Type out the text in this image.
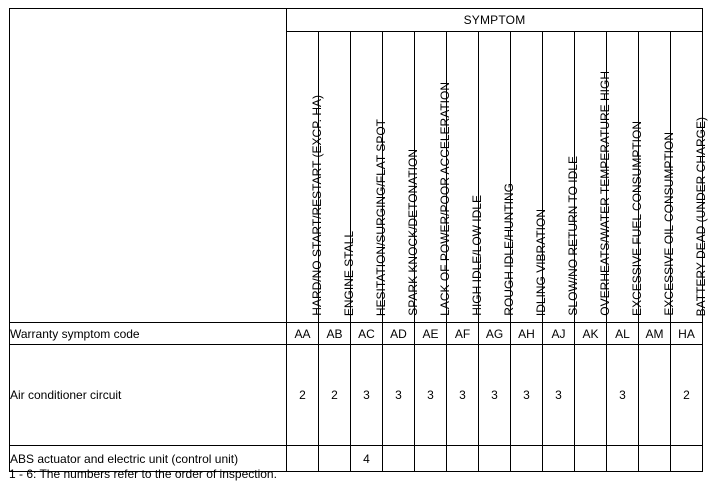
	SYMPTOM												

	HARD/NO START/RESTART (EXCP. HA)	ENGINE STALL	HESITATION/SURGING/FLAT SPOT	SPARK KNOCK/DETONATION	LACK OF POWER/POOR ACCELERATION	HIGH IDLE/LOW IDLE	ROUGH IDLE/HUNTING	IDLING VIBRATION	SLOW/NO RETURN TO IDLE	OVERHEATS/WATER TEMPERATURE HIGH	EXCESSIVE FUEL CONSUMPTION	EXCESSIVE OIL CONSUMPTION	BATTERY DEAD (UNDER CHARGE)

Warranty symptom code	AA	AB	AC	AD	AE	AF	AG	AH	AJ	AK	AL	AM	HA
Air conditioner circuit	2	2	3	3	3	3	3	3	3		3		2
ABS actuator and electric unit (control unit)			4										
1 - 6: The numbers refer to the order of inspection.
